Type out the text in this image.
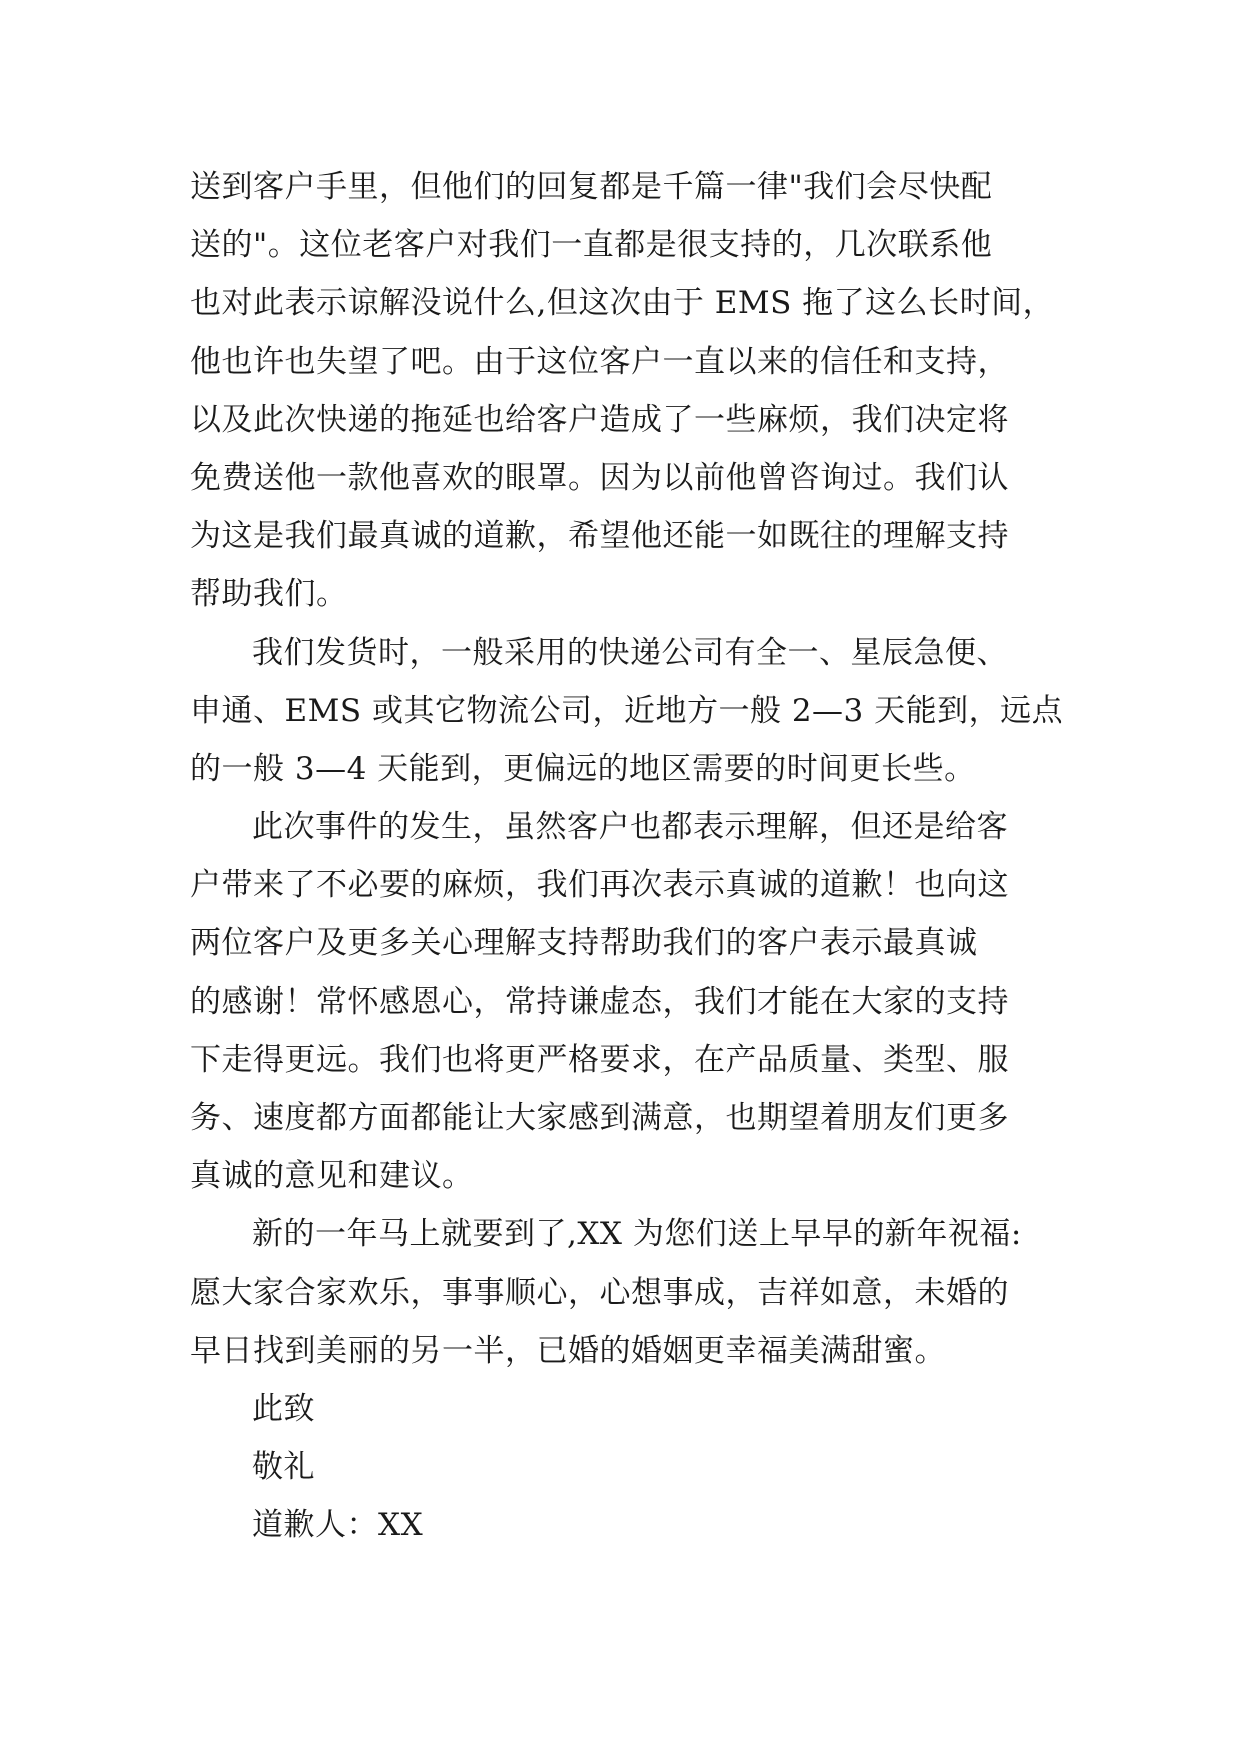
送到客户手里，但他们的回复都是千篇一律"我们会尽快配
送的"。这位老客户对我们一直都是很支持的，几次联系他
也对此表示谅解没说什么,但这次由于 EMS 拖了这么长时间，
他也许也失望了吧。由于这位客户一直以来的信任和支持，
以及此次快递的拖延也给客户造成了一些麻烦，我们决定将
免费送他一款他喜欢的眼罩。因为以前他曾咨询过。我们认
为这是我们最真诚的道歉，希望他还能一如既往的理解支持
帮助我们。
我们发货时，一般采用的快递公司有全一、星辰急便、
申通、EMS 或其它物流公司，近地方一般 2—3 天能到，远点
的一般 3—4 天能到，更偏远的地区需要的时间更长些。
此次事件的发生，虽然客户也都表示理解，但还是给客
户带来了不必要的麻烦，我们再次表示真诚的道歉！也向这
两位客户及更多关心理解支持帮助我们的客户表示最真诚
的感谢！常怀感恩心，常持谦虚态，我们才能在大家的支持
下走得更远。我们也将更严格要求，在产品质量、类型、服
务、速度都方面都能让大家感到满意，也期望着朋友们更多
真诚的意见和建议。
新的一年马上就要到了,XX 为您们送上早早的新年祝福:
愿大家合家欢乐，事事顺心，心想事成，吉祥如意，未婚的
早日找到美丽的另一半，已婚的婚姻更幸福美满甜蜜。
此致
敬礼
道歉人：XX
